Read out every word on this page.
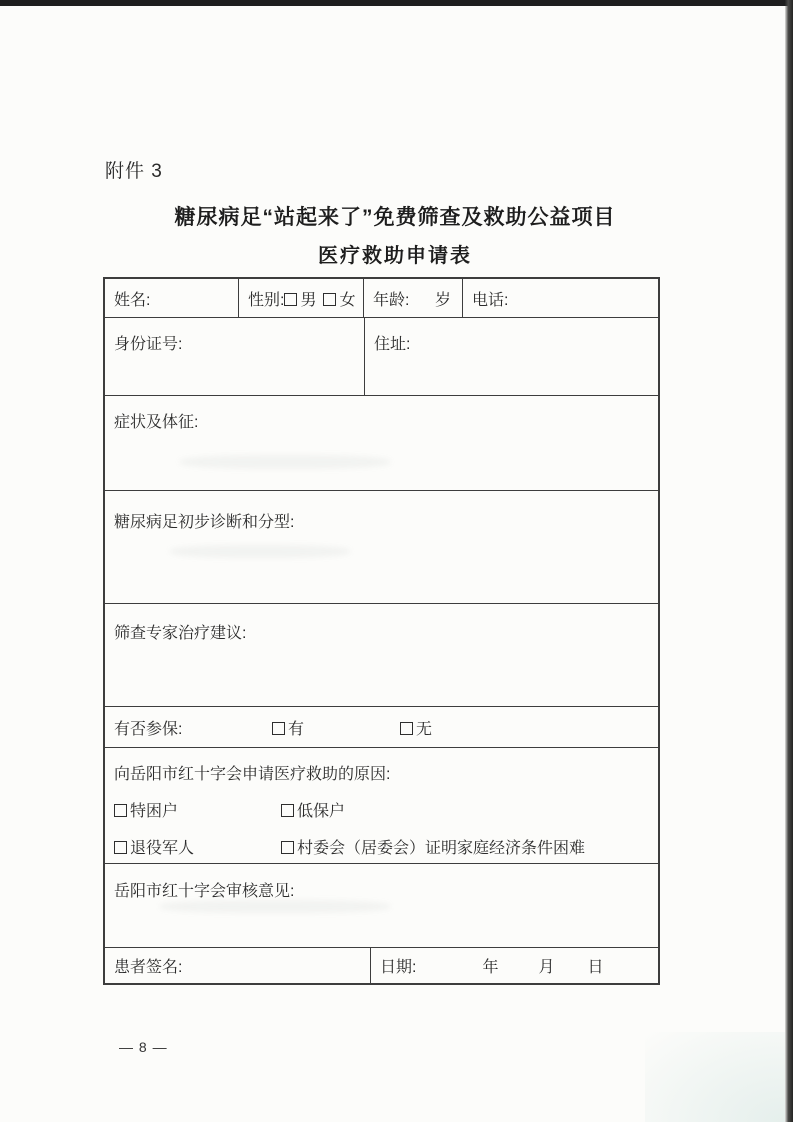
附件 3
糖尿病足“站起来了”免费筛查及救助公益项目
医疗救助申请表
姓名:	性别:	男	女 年龄: 岁 电话:
身份证号:	住址:
症状及体征:
糖尿病足初步诊断和分型:
筛查专家治疗建议:
有否参保:	有	无
向岳阳市红十字会申请医疗救助的原因:
特困户	低保户
退役军人	村委会（居委会）证明家庭经济条件困难
岳阳市红十字会审核意见:
患者签名:	日期:	年	月 日
— 8 —
